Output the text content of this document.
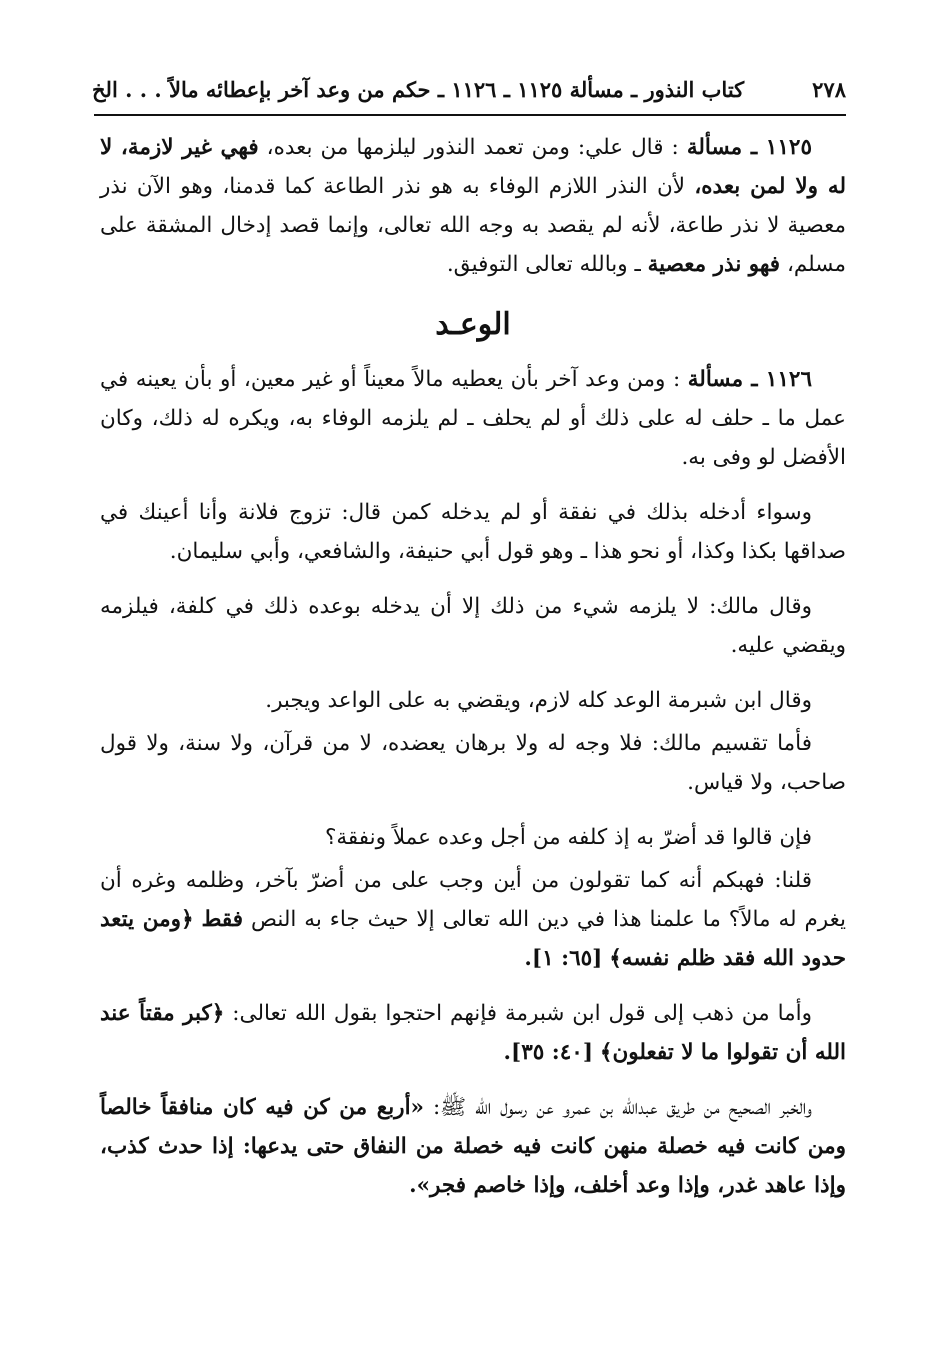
٢٧٨
كتاب النذور ـ مسألة ١١٢٥ ـ ١١٢٦ ـ حكم من وعد آخر بإعطائه مالاً . . . الخ

١١٢٥ ـ مسألة : قال علي: ومن تعمد النذور ليلزمها من بعده، فهي غير لازمة، لا له ولا لمن بعده، لأن النذر اللازم الوفاء به هو نذر الطاعة كما قدمنا، وهو الآن نذر معصية لا نذر طاعة، لأنه لم يقصد به وجه الله تعالى، وإنما قصد إدخال المشقة على مسلم، فهو نذر معصية ـ وبالله تعالى التوفيق.

الوعـد

١١٢٦ ـ مسألة : ومن وعد آخر بأن يعطيه مالاً معيناً أو غير معين، أو بأن يعينه في عمل ما ـ حلف له على ذلك أو لم يحلف ـ لم يلزمه الوفاء به، ويكره له ذلك، وكان الأفضل لو وفى به.

وسواء أدخله بذلك في نفقة أو لم يدخله كمن قال: تزوج فلانة وأنا أعينك في صداقها بكذا وكذا، أو نحو هذا ـ وهو قول أبي حنيفة، والشافعي، وأبي سليمان.

وقال مالك: لا يلزمه شيء من ذلك إلا أن يدخله بوعده ذلك في كلفة، فيلزمه ويقضي عليه.

وقال ابن شبرمة الوعد كله لازم، ويقضي به على الواعد ويجبر.

فأما تقسيم مالك: فلا وجه له ولا برهان يعضده، لا من قرآن، ولا سنة، ولا قول صاحب، ولا قياس.

فإن قالوا قد أضرّ به إذ كلفه من أجل وعده عملاً ونفقة؟

قلنا: فهبكم أنه كما تقولون من أين وجب على من أضرّ بآخر، وظلمه وغره أن يغرم له مالاً؟ ما علمنا هذا في دين الله تعالى إلا حيث جاء به النص فقط ﴿ومن يتعد حدود الله فقد ظلم نفسه﴾ [٦٥: ١].

وأما من ذهب إلى قول ابن شبرمة فإنهم احتجوا بقول الله تعالى: ﴿كبر مقتاً عند الله أن تقولوا ما لا تفعلون﴾ [٤٠: ٣٥].

والخبر الصحيح من طريق عبدالله بن عمرو عن رسول الله ﷺ: «أربع من كن فيه كان منافقاً خالصاً ومن كانت فيه خصلة منهن كانت فيه خصلة من النفاق حتى يدعها: إذا حدث كذب، وإذا عاهد غدر، وإذا وعد أخلف، وإذا خاصم فجر».
